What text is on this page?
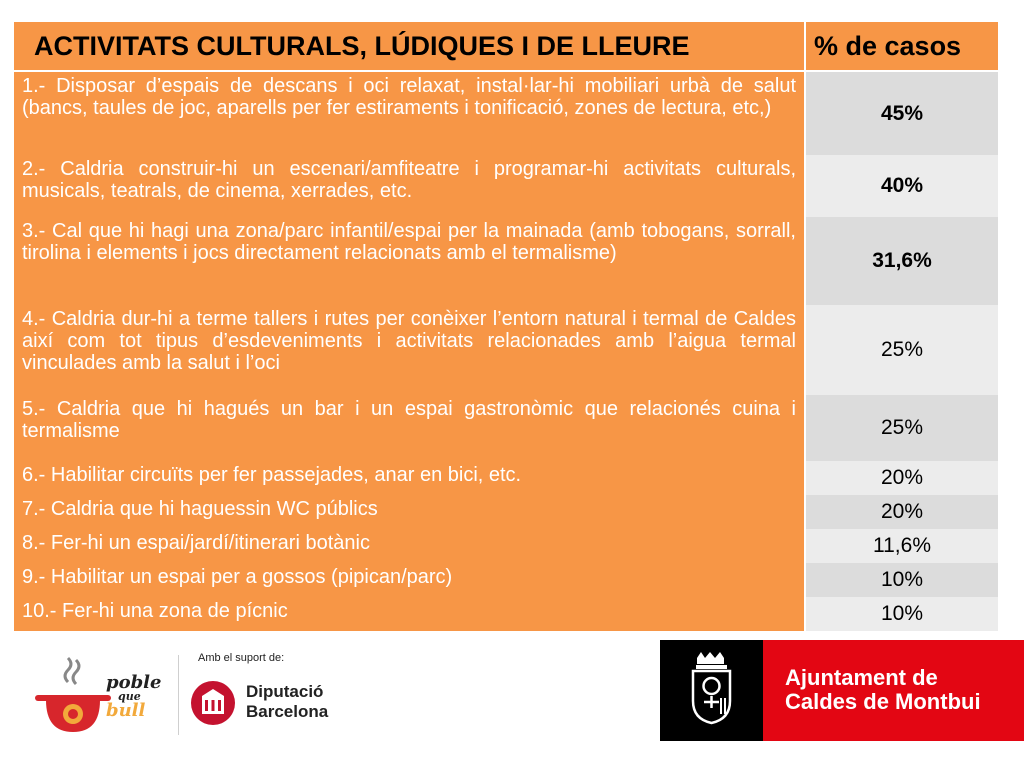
ACTIVITATS CULTURALS, LÚDIQUES I DE LLEURE	% de casos
1.- Disposar d’espais de descans i oci relaxat, instal·lar-hi mobiliari urbà de salut (bancs, taules de joc, aparells per fer estiraments i tonificació, zones de lectura, etc,)	45%
2.- Caldria construir-hi un escenari/amfiteatre i programar-hi activitats culturals, musicals, teatrals, de cinema, xerrades, etc.	40%
3.- Cal que hi hagi una zona/parc infantil/espai per la mainada (amb tobogans, sorrall, tirolina i elements i jocs directament relacionats amb el termalisme)	31,6%
4.- Caldria dur-hi a terme tallers i rutes per conèixer l’entorn natural i termal de Caldes així com tot tipus d’esdeveniments i activitats relacionades amb l’aigua termal vinculades amb la salut i l’oci	25%
5.- Caldria que hi hagués un bar i un espai gastronòmic que relacionés cuina i termalisme	25%
6.- Habilitar circuïts per fer passejades, anar en bici, etc.	20%
7.- Caldria que hi haguessin WC públics	20%
8.- Fer-hi un espai/jardí/itinerari botànic	11,6%
9.- Habilitar un espai per a gossos (pipican/parc)	10%
10.- Fer-hi una zona de pícnic	10%
poble
que
bull
Amb el suport de:
Diputació
Barcelona
Ajuntament de
Caldes de Montbui
